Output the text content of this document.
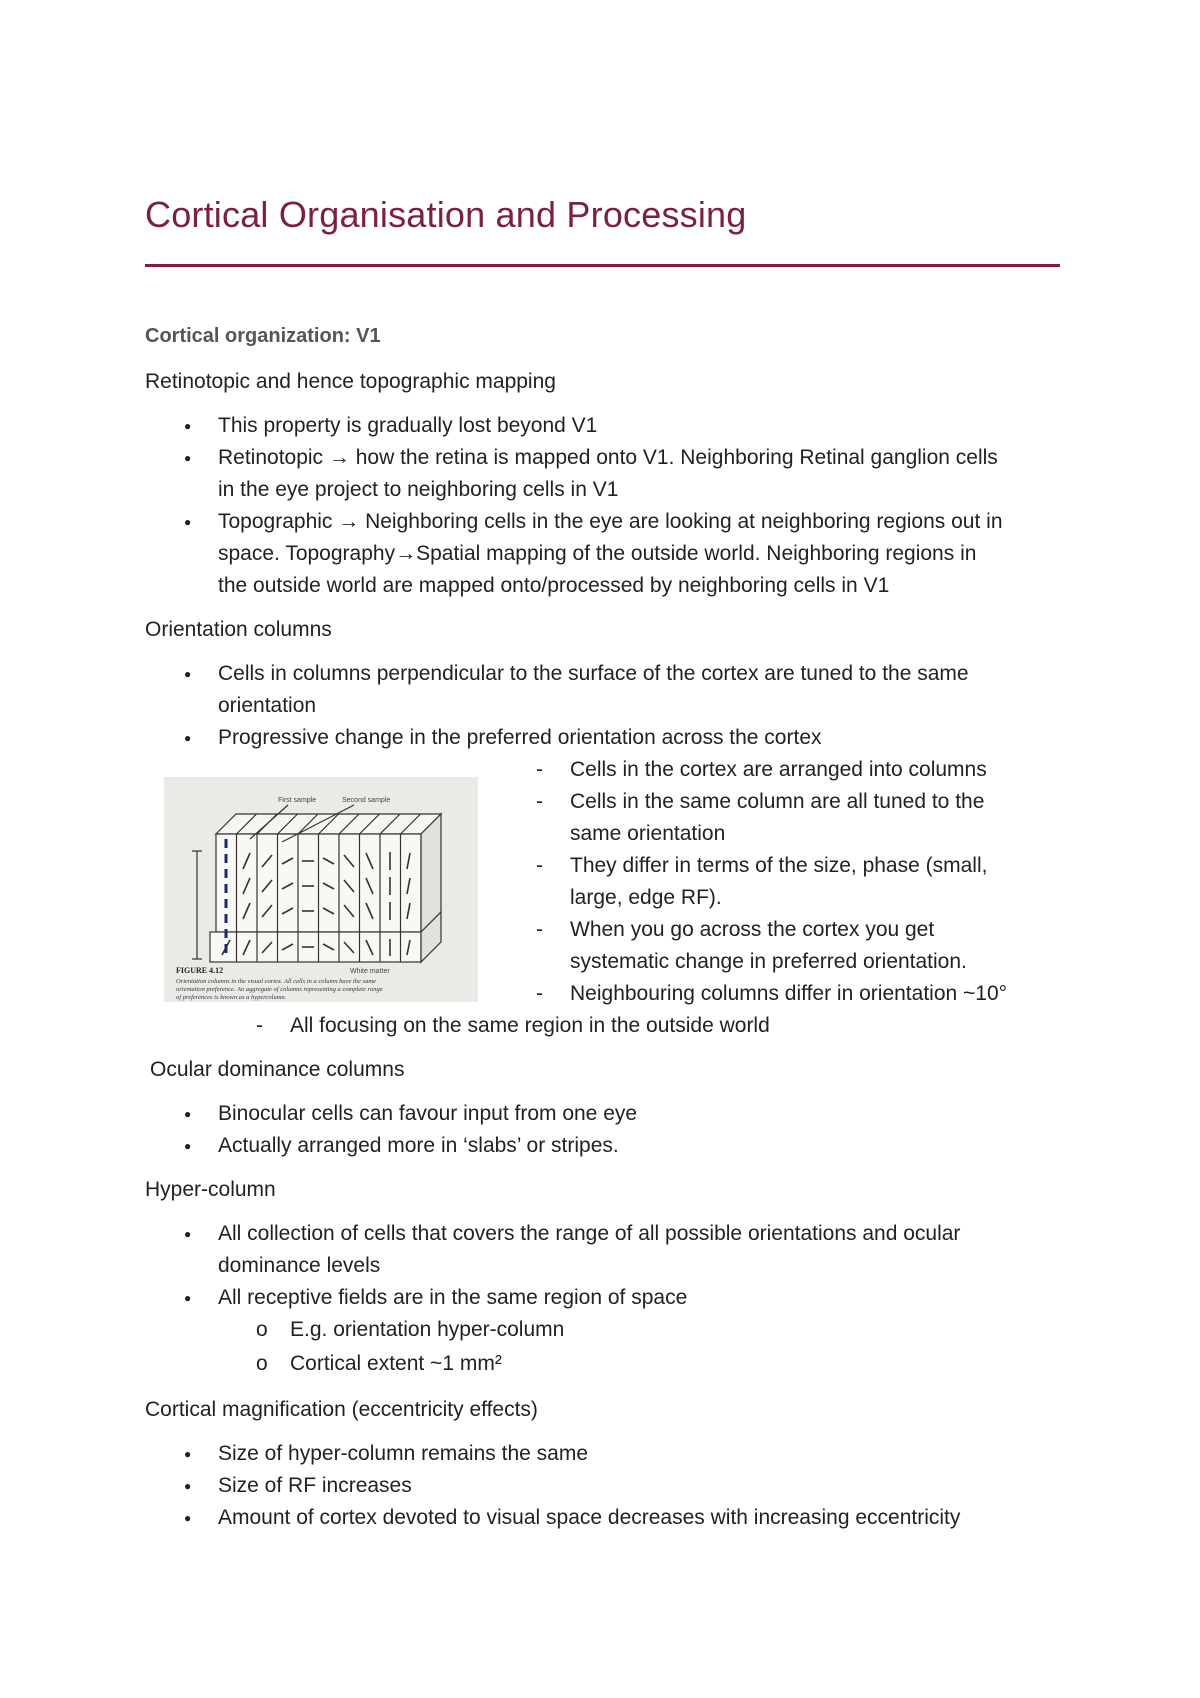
Cortical Organisation and Processing

Cortical organization: V1

Retinotopic and hence topographic mapping

● This property is gradually lost beyond V1

● Retinotopic → how the retina is mapped onto V1. Neighboring Retinal ganglion cells

in the eye project to neighboring cells in V1

● Topographic → Neighboring cells in the eye are looking at neighboring regions out in

space. Topography→Spatial mapping of the outside world. Neighboring regions in

the outside world are mapped onto/processed by neighboring cells in V1

Orientation columns

● Cells in columns perpendicular to the surface of the cortex are tuned to the same

orientation

● Progressive change in the preferred orientation across the cortex

- Cells in the cortex are arranged into columns

- Cells in the same column are all tuned to the

same orientation

- They differ in terms of the size, phase (small,

large, edge RF).

- When you go across the cortex you get

systematic change in preferred orientation.

- Neighbouring columns differ in orientation ~10°

- All focusing on the same region in the outside world

First sample	Second sample
White matter
FIGURE 4.12
Orientation columns in the visual cortex. All cells in a column have the same
orientation preference. An aggregate of columns representing a complete range
of preferences is known as a hypercolumn.

Ocular dominance columns

● Binocular cells can favour input from one eye

● Actually arranged more in ‘slabs’ or stripes.

Hyper-column

● All collection of cells that covers the range of all possible orientations and ocular

dominance levels

● All receptive fields are in the same region of space

o E.g. orientation hyper-column

o Cortical extent ~1 mm²

Cortical magnification (eccentricity effects)

● Size of hyper-column remains the same

● Size of RF increases

● Amount of cortex devoted to visual space decreases with increasing eccentricity
